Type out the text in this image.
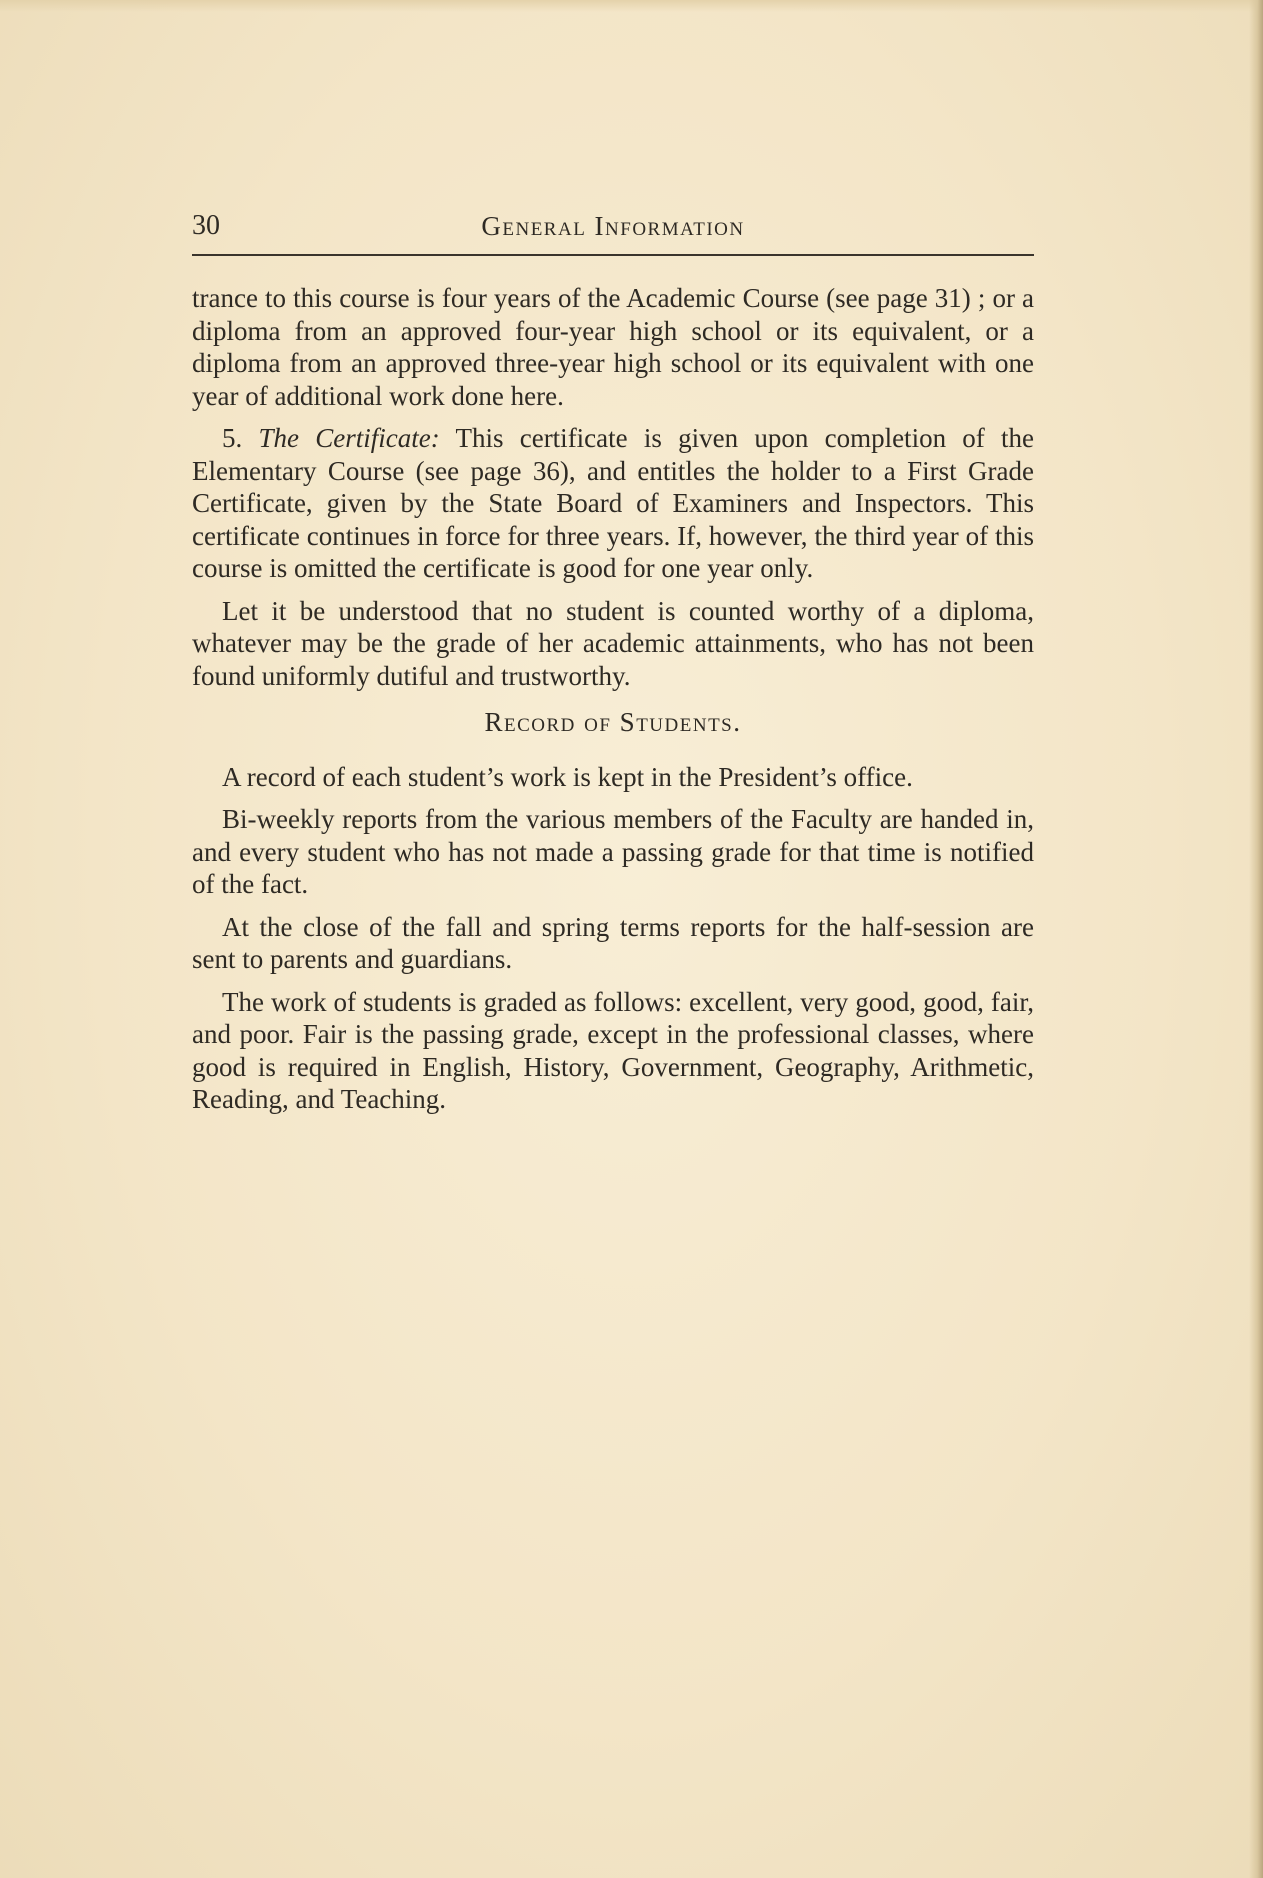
30	General Information

trance to this course is four years of the Academic Course (see page 31) ; or a diploma from an approved four-year high school or its equivalent, or a diploma from an approved three-year high school or its equivalent with one year of additional work done here.

5. The Certificate: This certificate is given upon completion of the Elementary Course (see page 36), and entitles the holder to a First Grade Certificate, given by the State Board of Examiners and Inspectors. This certificate continues in force for three years. If, however, the third year of this course is omitted the certificate is good for one year only.

Let it be understood that no student is counted worthy of a diploma, whatever may be the grade of her academic attainments, who has not been found uniformly dutiful and trustworthy.

Record of Students.

A record of each student’s work is kept in the President’s office.

Bi-weekly reports from the various members of the Faculty are handed in, and every student who has not made a passing grade for that time is notified of the fact.

At the close of the fall and spring terms reports for the half-session are sent to parents and guardians.

The work of students is graded as follows: excellent, very good, good, fair, and poor. Fair is the passing grade, except in the professional classes, where good is required in English, History, Government, Geography, Arithmetic, Reading, and Teaching.
